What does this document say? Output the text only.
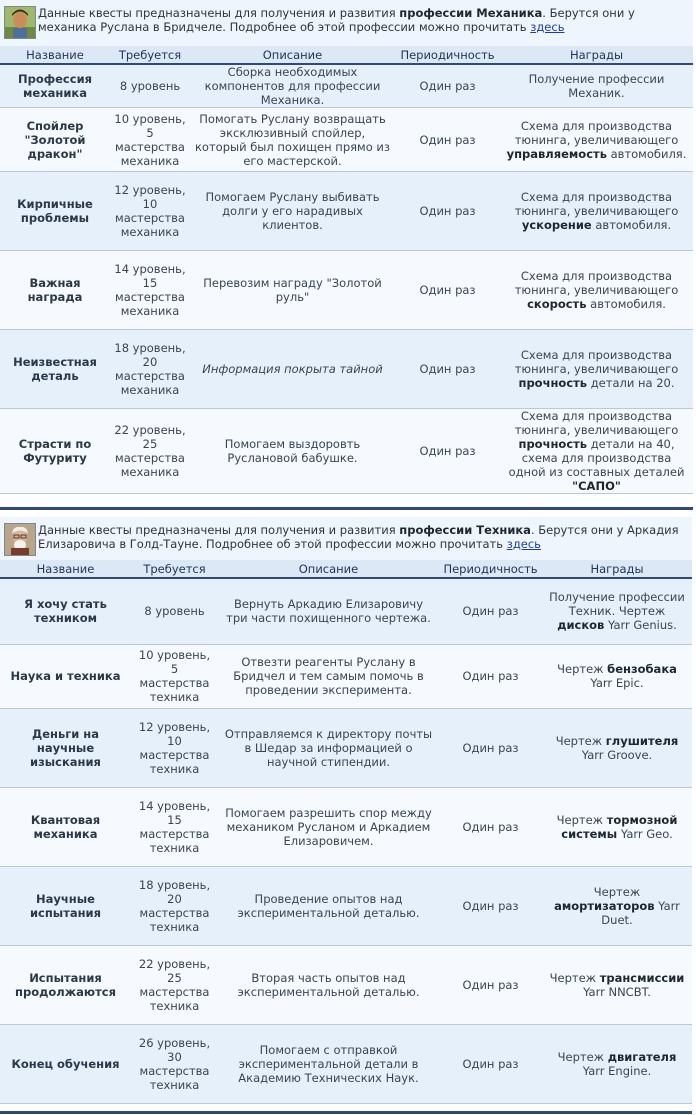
Данные квесты предназначены для получения и развития профессии Механика. Берутся они у механика Руслана в Бридчеле. Подробнее об этой профессии можно прочитать здесь
Название	Требуется	Описание	Периодичность	Награды
Профессия механика	8 уровень	Сборка необходимых компонентов для профессии Механика.	Один раз	Получение профессии Механик.
Спойлер "Золотой дракон"	10 уровень, 5 мастерства механика	Помогать Руслану возвращать эксклюзивный спойлер, который был похищен прямо из его мастерской.	Один раз	Схема для производства тюнинга, увеличивающего управляемость автомобиля.
Кирпичные проблемы	12 уровень, 10 мастерства механика	Помогаем Руслану выбивать долги у его нарадивых клиентов.	Один раз	Схема для производства тюнинга, увеличивающего ускорение автомобиля.
Важная награда	14 уровень, 15 мастерства механика	Перевозим награду "Золотой руль"	Один раз	Схема для производства тюнинга, увеличивающего скорость автомобиля.
Неизвестная деталь	18 уровень, 20 мастерства механика	Информация покрыта тайной	Один раз	Схема для производства тюнинга, увеличивающего прочность детали на 20.
Страсти по Футуриту	22 уровень, 25 мастерства механика	Помогаем выздоровть Руслановой бабушке.	Один раз	Схема для производства тюнинга, увеличивающего прочность детали на 40, схема для производства одной из составных деталей "САПО"
Данные квесты предназначены для получения и развития профессии Техника. Берутся они у Аркадия Елизаровича в Голд-Тауне. Подробнее об этой профессии можно прочитать здесь
Название	Требуется	Описание	Периодичность	Награды
Я хочу стать техником	8 уровень	Вернуть Аркадию Елизаровичу три части похищенного чертежа.	Один раз	Получение профессии Техник. Чертеж дисков Yarr Genius.
Наука и техника	10 уровень, 5 мастерства техника	Отвезти реагенты Руслану в Бридчел и тем самым помочь в проведении эксперимента.	Один раз	Чертеж бензобака Yarr Epic.
Деньги на научные изыскания	12 уровень, 10 мастерства техника	Отправляемся к директору почты в Шедар за информацией о научной стипендии.	Один раз	Чертеж глушителя Yarr Groove.
Квантовая механика	14 уровень, 15 мастерства техника	Помогаем разрешить спор между механиком Русланом и Аркадием Елизаровичем.	Один раз	Чертеж тормозной системы Yarr Geo.
Научные испытания	18 уровень, 20 мастерства техника	Проведение опытов над экспериментальной деталью.	Один раз	Чертеж амортизаторов Yarr Duet.
Испытания продолжаются	22 уровень, 25 мастерства техника	Вторая часть опытов над экспериментальной деталью.	Один раз	Чертеж трансмиссии Yarr NNCBT.
Конец обучения	26 уровень, 30 мастерства техника	Помогаем с отправкой экспериментальной детали в Академию Технических Наук.	Один раз	Чертеж двигателя Yarr Engine.
